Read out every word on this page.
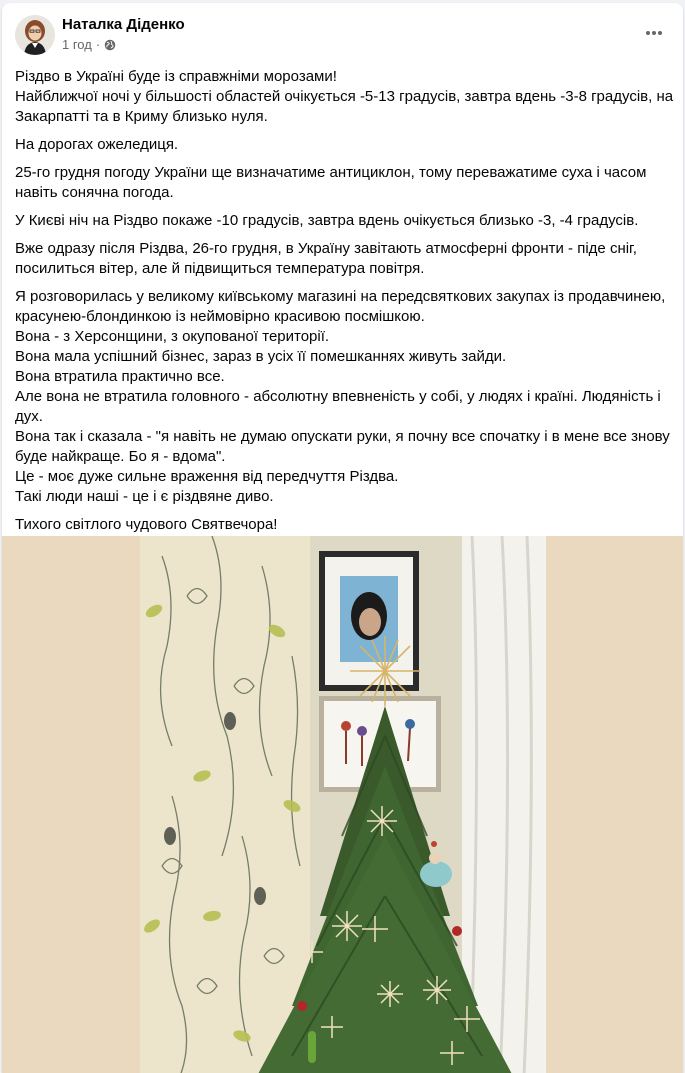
Наталка Діденко
1 год ·

Різдво в Україні буде із справжніми морозами!
Найближчої ночі у більшості областей очікується -5-13 градусів, завтра вдень -3-8 градусів, на
Закарпатті та в Криму близько нуля.

На дорогах ожеледиця.

25-го грудня погоду України ще визначатиме антициклон, тому переважатиме суха і часом
навіть сонячна погода.

У Києві ніч на Різдво покаже -10 градусів, завтра вдень очікується близько -3, -4 градусів.

Вже одразу після Різдва, 26-го грудня, в Україну завітають атмосферні фронти - піде сніг,
посилиться вітер, але й підвищиться температура повітря.

Я розговорилась у великому київському магазині на передсвяткових закупах із продавчинею,
красунею-блондинкою із неймовірно красивою посмішкою.
Вона - з Херсонщини, з окупованої території.
Вона мала успішний бізнес, зараз в усіх її помешканнях живуть зайди.
Вона втратила практично все.
Але вона не втратила головного - абсолютну впевненість у собі, у людях і країні. Людяність і
дух.
Вона так і сказала - "я навіть не думаю опускати руки, я почну все спочатку і в мене все знову
буде найкраще. Бо я - вдома".
Це - моє дуже сильне враження від передчуття Різдва.
Такі люди наші - це і є різдвяне диво.

Тихого світлого чудового Святвечора!
